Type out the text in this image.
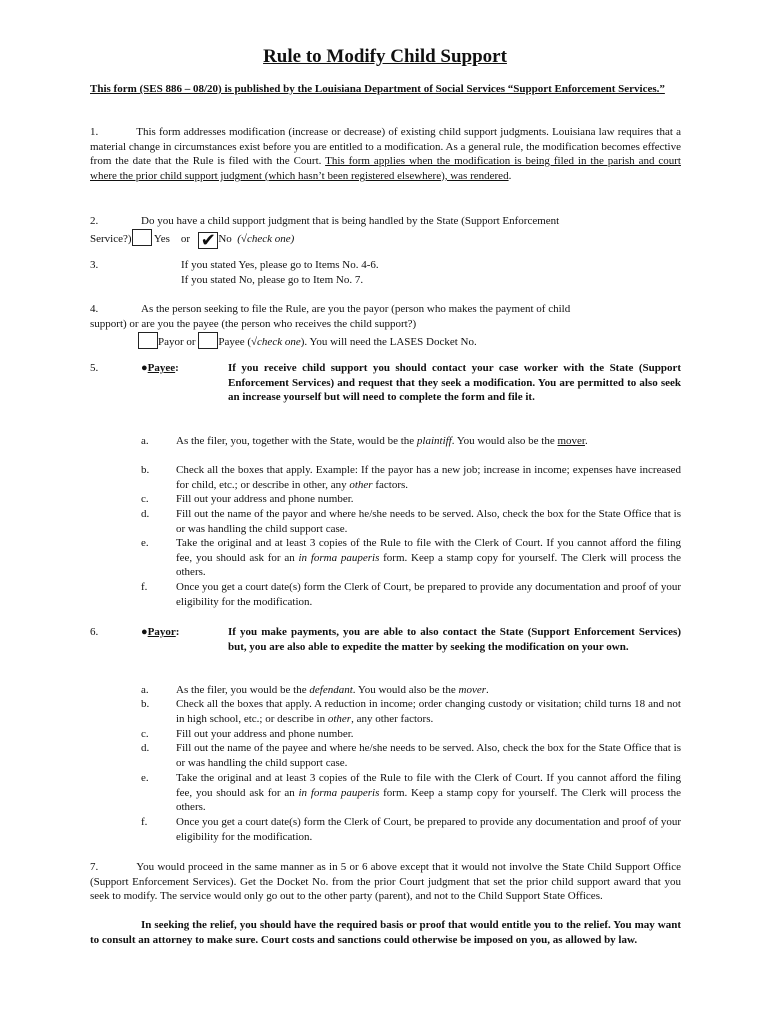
Rule to Modify Child Support

This form (SES 886 – 08/20) is published by the Louisiana Department of Social Services “Support Enforcement Services.”

1.	This form addresses modification (increase or decrease) of existing child support judgments. Louisiana law requires that a material change in circumstances exist before you are entitled to a modification. As a general rule, the modification becomes effective from the date that the Rule is filed with the Court. This form applies when the modification is being filed in the parish and court where the prior child support judgment (which hasn’t been registered elsewhere), was rendered.

2.	Do you have a child support judgment that is being handled by the State (Support Enforcement
Service?) Yes or ✔ No (√check one)
3.	If you stated Yes, please go to Items No. 4-6.
If you stated No, please go to Item No. 7.
4.	As the person seeking to file the Rule, are you the payor (person who makes the payment of child
support) or are you the payee (the person who receives the child support?)
Payor or Payee (√check one). You will need the LASES Docket No.
5.	●Payee:	If you receive child support you should contact your case worker with the State (Support Enforcement Services) and request that they seek a modification. You are permitted to also seek an increase yourself but will need to complete the form and file it.

a. As the filer, you, together with the State, would be the plaintiff. You would also be the mover.

b. Check all the boxes that apply. Example: If the payor has a new job; increase in income; expenses have increased for child, etc.; or describe in other, any other factors.

c. Fill out your address and phone number.

d. Fill out the name of the payor and where he/she needs to be served. Also, check the box for the State Office that is or was handling the child support case.

e. Take the original and at least 3 copies of the Rule to file with the Clerk of Court. If you cannot afford the filing fee, you should ask for an in forma pauperis form. Keep a stamp copy for yourself. The Clerk will process the others.

f.	Once you get a court date(s) form the Clerk of Court, be prepared to provide any documentation and proof of your eligibility for the modification.

6.	●Payor:	If you make payments, you are able to also contact the State (Support Enforcement Services) but, you are also able to expedite the matter by seeking the modification on your own.

a. As the filer, you would be the defendant. You would also be the mover.

b. Check all the boxes that apply. A reduction in income; order changing custody or visitation; child turns 18 and not in high school, etc.; or describe in other, any other factors.

c. Fill out your address and phone number.

d. Fill out the name of the payee and where he/she needs to be served. Also, check the box for the State Office that is or was handling the child support case.

e. Take the original and at least 3 copies of the Rule to file with the Clerk of Court. If you cannot afford the filing fee, you should ask for an in forma pauperis form. Keep a stamp copy for yourself. The Clerk will process the others.

f.	Once you get a court date(s) form the Clerk of Court, be prepared to provide any documentation and proof of your eligibility for the modification.

7.	You would proceed in the same manner as in 5 or 6 above except that it would not involve the State Child Support Office (Support Enforcement Services). Get the Docket No. from the prior Court judgment that set the prior child support award that you seek to modify. The service would only go out to the other party (parent), and not to the Child Support State Offices.

In seeking the relief, you should have the required basis or proof that would entitle you to the relief. You may want to consult an attorney to make sure. Court costs and sanctions could otherwise be imposed on you, as allowed by law.
